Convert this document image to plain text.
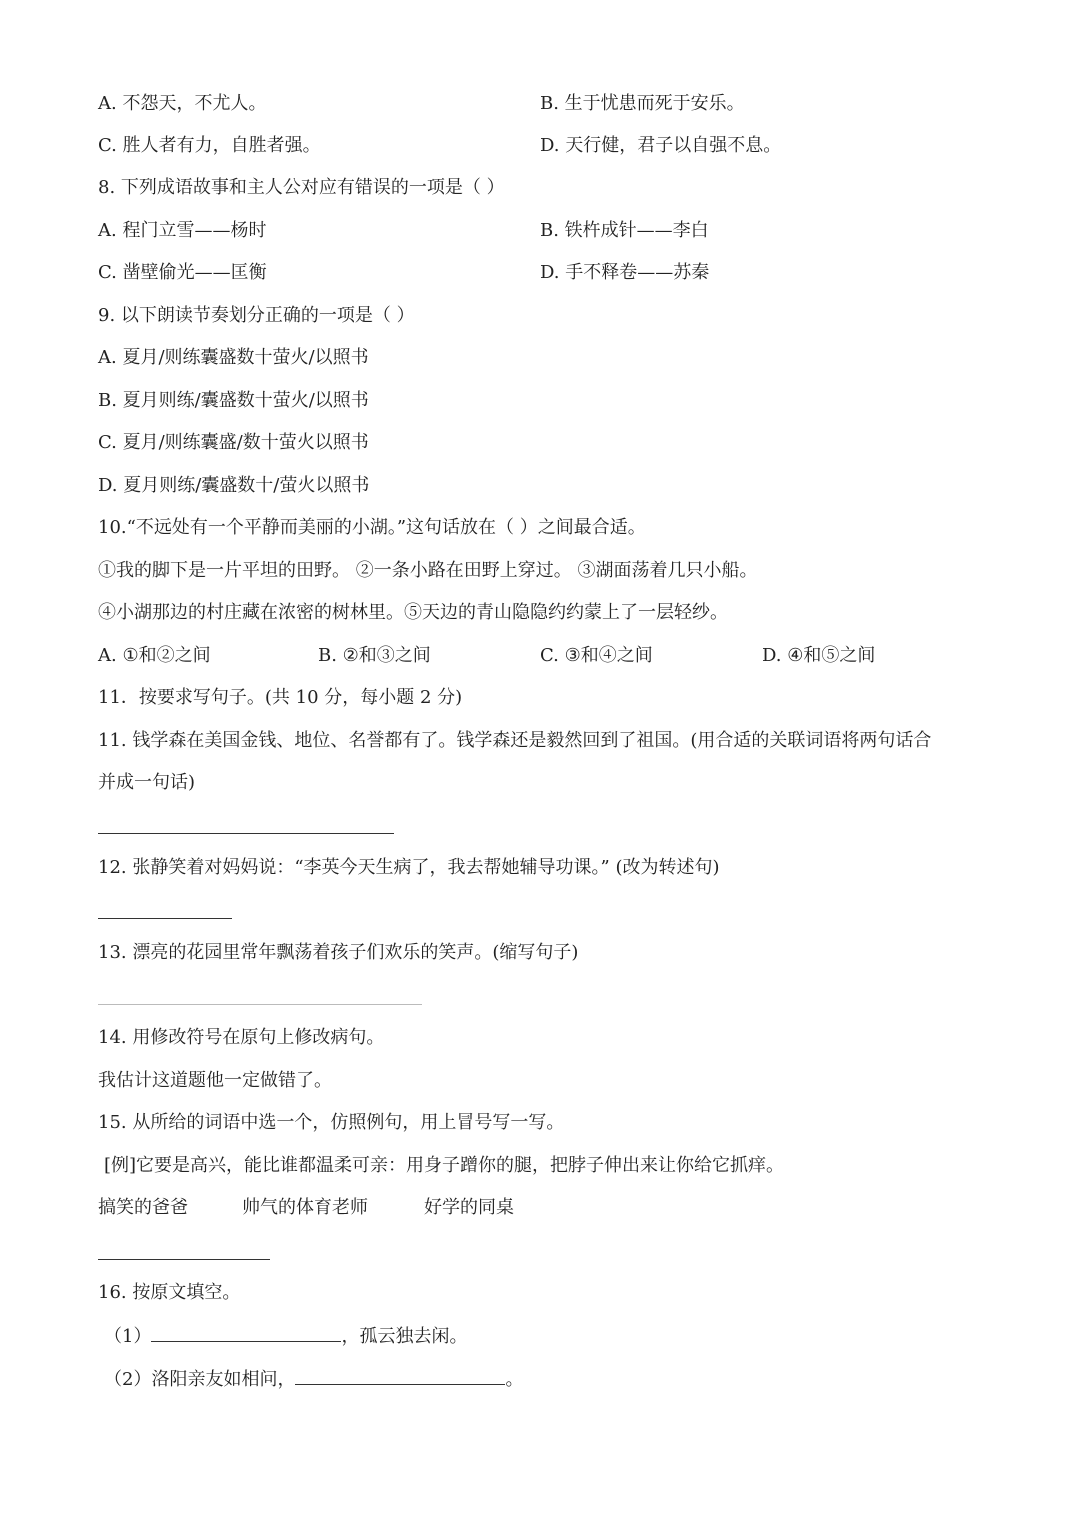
A. 不怨天，不尤人。	B. 生于忧患而死于安乐。
C. 胜人者有力，自胜者强。	D. 天行健，君子以自强不息。
8. 下列成语故事和主人公对应有错误的一项是（ ）
A. 程门立雪——杨时	B. 铁杵成针——李白
C. 凿壁偷光——匡衡	D. 手不释卷——苏秦
9. 以下朗读节奏划分正确的一项是（ ）
A. 夏月/则练囊盛数十萤火/以照书
B. 夏月则练/囊盛数十萤火/以照书
C. 夏月/则练囊盛/数十萤火以照书
D. 夏月则练/囊盛数十/萤火以照书
10.“不远处有一个平静而美丽的小湖。”这句话放在（ ）之间最合适。
①我的脚下是一片平坦的田野。 ②一条小路在田野上穿过。 ③湖面荡着几只小船。
④小湖那边的村庄藏在浓密的树林里。⑤天边的青山隐隐约约蒙上了一层轻纱。
A. ①和②之间	B. ②和③之间	C. ③和④之间	D. ④和⑤之间
11．按要求写句子。(共 10 分，每小题 2 分)
11. 钱学森在美国金钱、地位、名誉都有了。钱学森还是毅然回到了祖国。(用合适的关联词语将两句话合
并成一句话)
12. 张静笑着对妈妈说：“李英今天生病了，我去帮她辅导功课。” (改为转述句)
13. 漂亮的花园里常年飘荡着孩子们欢乐的笑声。(缩写句子)
14. 用修改符号在原句上修改病句。
我估计这道题他一定做错了。
15. 从所给的词语中选一个，仿照例句，用上冒号写一写。
[例]它要是高兴，能比谁都温柔可亲：用身子蹭你的腿，把脖子伸出来让你给它抓痒。
搞笑的爸爸	帅气的体育老师	好学的同桌
16. 按原文填空。
（1）	，孤云独去闲。
（2）洛阳亲友如相问，	。
